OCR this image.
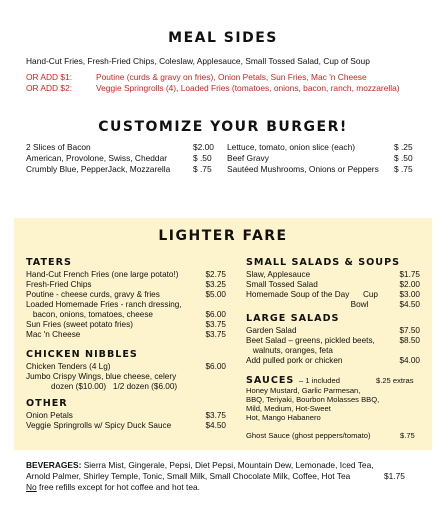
MEAL SIDES
Hand-Cut Fries, Fresh-Fried Chips, Coleslaw, Applesauce, Small Tossed Salad, Cup of Soup
OR ADD $1:	Poutine (curds & gravy on fries), Onion Petals, Sun Fries, Mac 'n Cheese
OR ADD $2:	Veggie Springrolls (4), Loaded Fries (tomatoes, onions, bacon, ranch, mozzarella)
CUSTOMIZE YOUR BURGER!
2 Slices of Bacon	$2.00
American, Provolone, Swiss, Cheddar	$ .50
Crumbly Blue, PepperJack, Mozzarella	$ .75
Lettuce, tomato, onion slice (each)	$ .25
Beef Gravy	$ .50
Sautéed Mushrooms, Onions or Peppers $ .75
LIGHTER FARE
TATERS
Hand-Cut French Fries (one large potato!)	$2.75
Fresh-Fried Chips	$3.25
Poutine - cheese curds, gravy & fries	$5.00
Loaded Homemade Fries - ranch dressing,
bacon, onions, tomatoes, cheese	$6.00
Sun Fries (sweet potato fries)	$3.75
Mac 'n Cheese	$3.75
CHICKEN NIBBLES
Chicken Tenders (4 Lg)	$6.00
Jumbo Crispy Wings, blue cheese, celery
dozen ($10.00)   1/2 dozen ($6.00)
OTHER
Onion Petals	$3.75
Veggie Springrolls w/ Spicy Duck Sauce	$4.50
SMALL SALADS & SOUPS
Slaw, Applesauce	$1.75
Small Tossed Salad	$2.00
Homemade Soup of the Day      Cup	$3.00
Bowl	$4.50
LARGE SALADS
Garden Salad	$7.50
Beet Salad – greens, pickled beets,	$8.50
walnuts, oranges, feta
Add pulled pork or chicken	$4.00
SAUCES – 1 included	$.25 extras
Honey Mustard, Garlic Parmesan,
BBQ, Teriyaki, Bourbon Molasses BBQ,
Mild, Medium, Hot-Sweet
Hot, Mango Habanero
Ghost Sauce (ghost peppers/tomato)	$.75
BEVERAGES: Sierra Mist, Gingerale, Pepsi, Diet Pepsi, Mountain Dew, Lemonade, Iced Tea,
Arnold Palmer, Shirley Temple, Tonic, Small Milk, Small Chocolate Milk, Coffee, Hot Tea	$1.75
No free refills except for hot coffee and hot tea.
